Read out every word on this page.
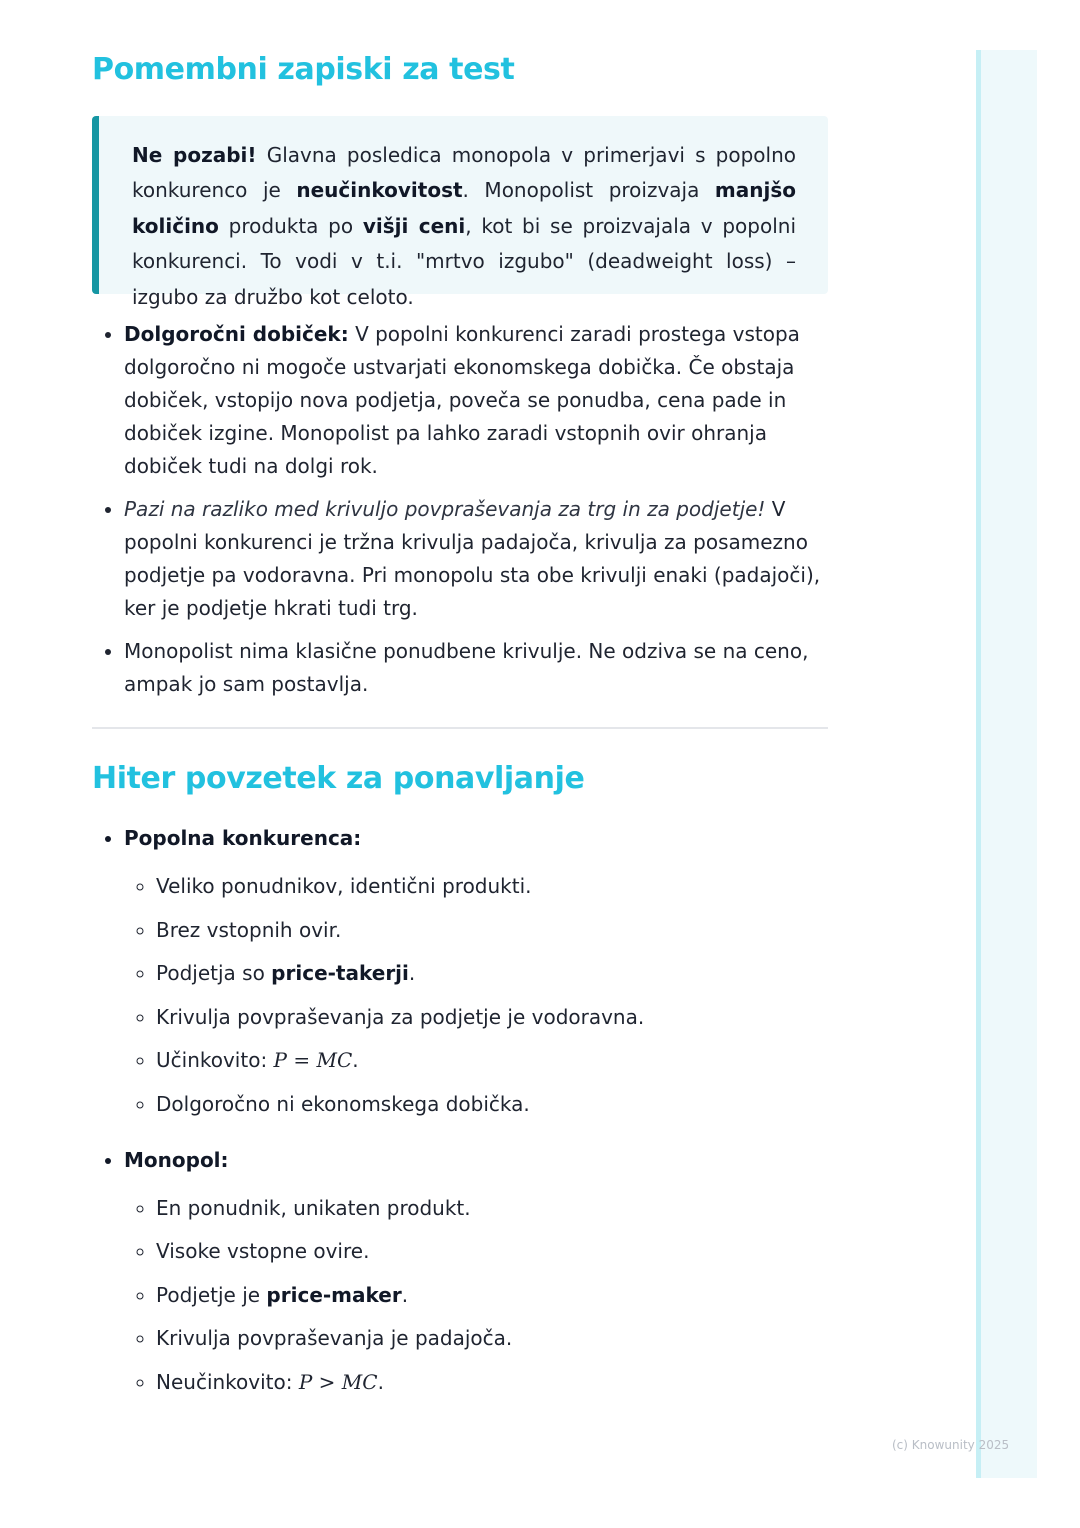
Pomembni zapiski za test
Ne pozabi! Glavna posledica monopola v primerjavi s popolno konkurenco je neučinkovitost. Monopolist proizvaja manjšo količino produkta po višji ceni, kot bi se proizvajala v popolni konkurenci. To vodi v t.i. "mrtvo izgubo" (deadweight loss) – izgubo za družbo kot celoto.
• Dolgoročni dobiček: V popolni konkurenci zaradi prostega vstopa dolgoročno ni mogoče ustvarjati ekonomskega dobička. Če obstaja dobiček, vstopijo nova podjetja, poveča se ponudba, cena pade in dobiček izgine. Monopolist pa lahko zaradi vstopnih ovir ohranja dobiček tudi na dolgi rok.
• Pazi na razliko med krivuljo povpraševanja za trg in za podjetje! V popolni konkurenci je tržna krivulja padajoča, krivulja za posamezno podjetje pa vodoravna. Pri monopolu sta obe krivulji enaki (padajoči), ker je podjetje hkrati tudi trg.
• Monopolist nima klasične ponudbene krivulje. Ne odziva se na ceno, ampak jo sam postavlja.
Hiter povzetek za ponavljanje
• Popolna konkurenca:
◦ Veliko ponudnikov, identični produkti.
◦ Brez vstopnih ovir.
◦ Podjetja so price-takerji.
◦ Krivulja povpraševanja za podjetje je vodoravna.
◦ Učinkovito: P = MC.
◦ Dolgoročno ni ekonomskega dobička.
• Monopol:
◦ En ponudnik, unikaten produkt.
◦ Visoke vstopne ovire.
◦ Podjetje je price-maker.
◦ Krivulja povpraševanja je padajoča.
◦ Neučinkovito: P > MC.
(c) Knowunity 2025
